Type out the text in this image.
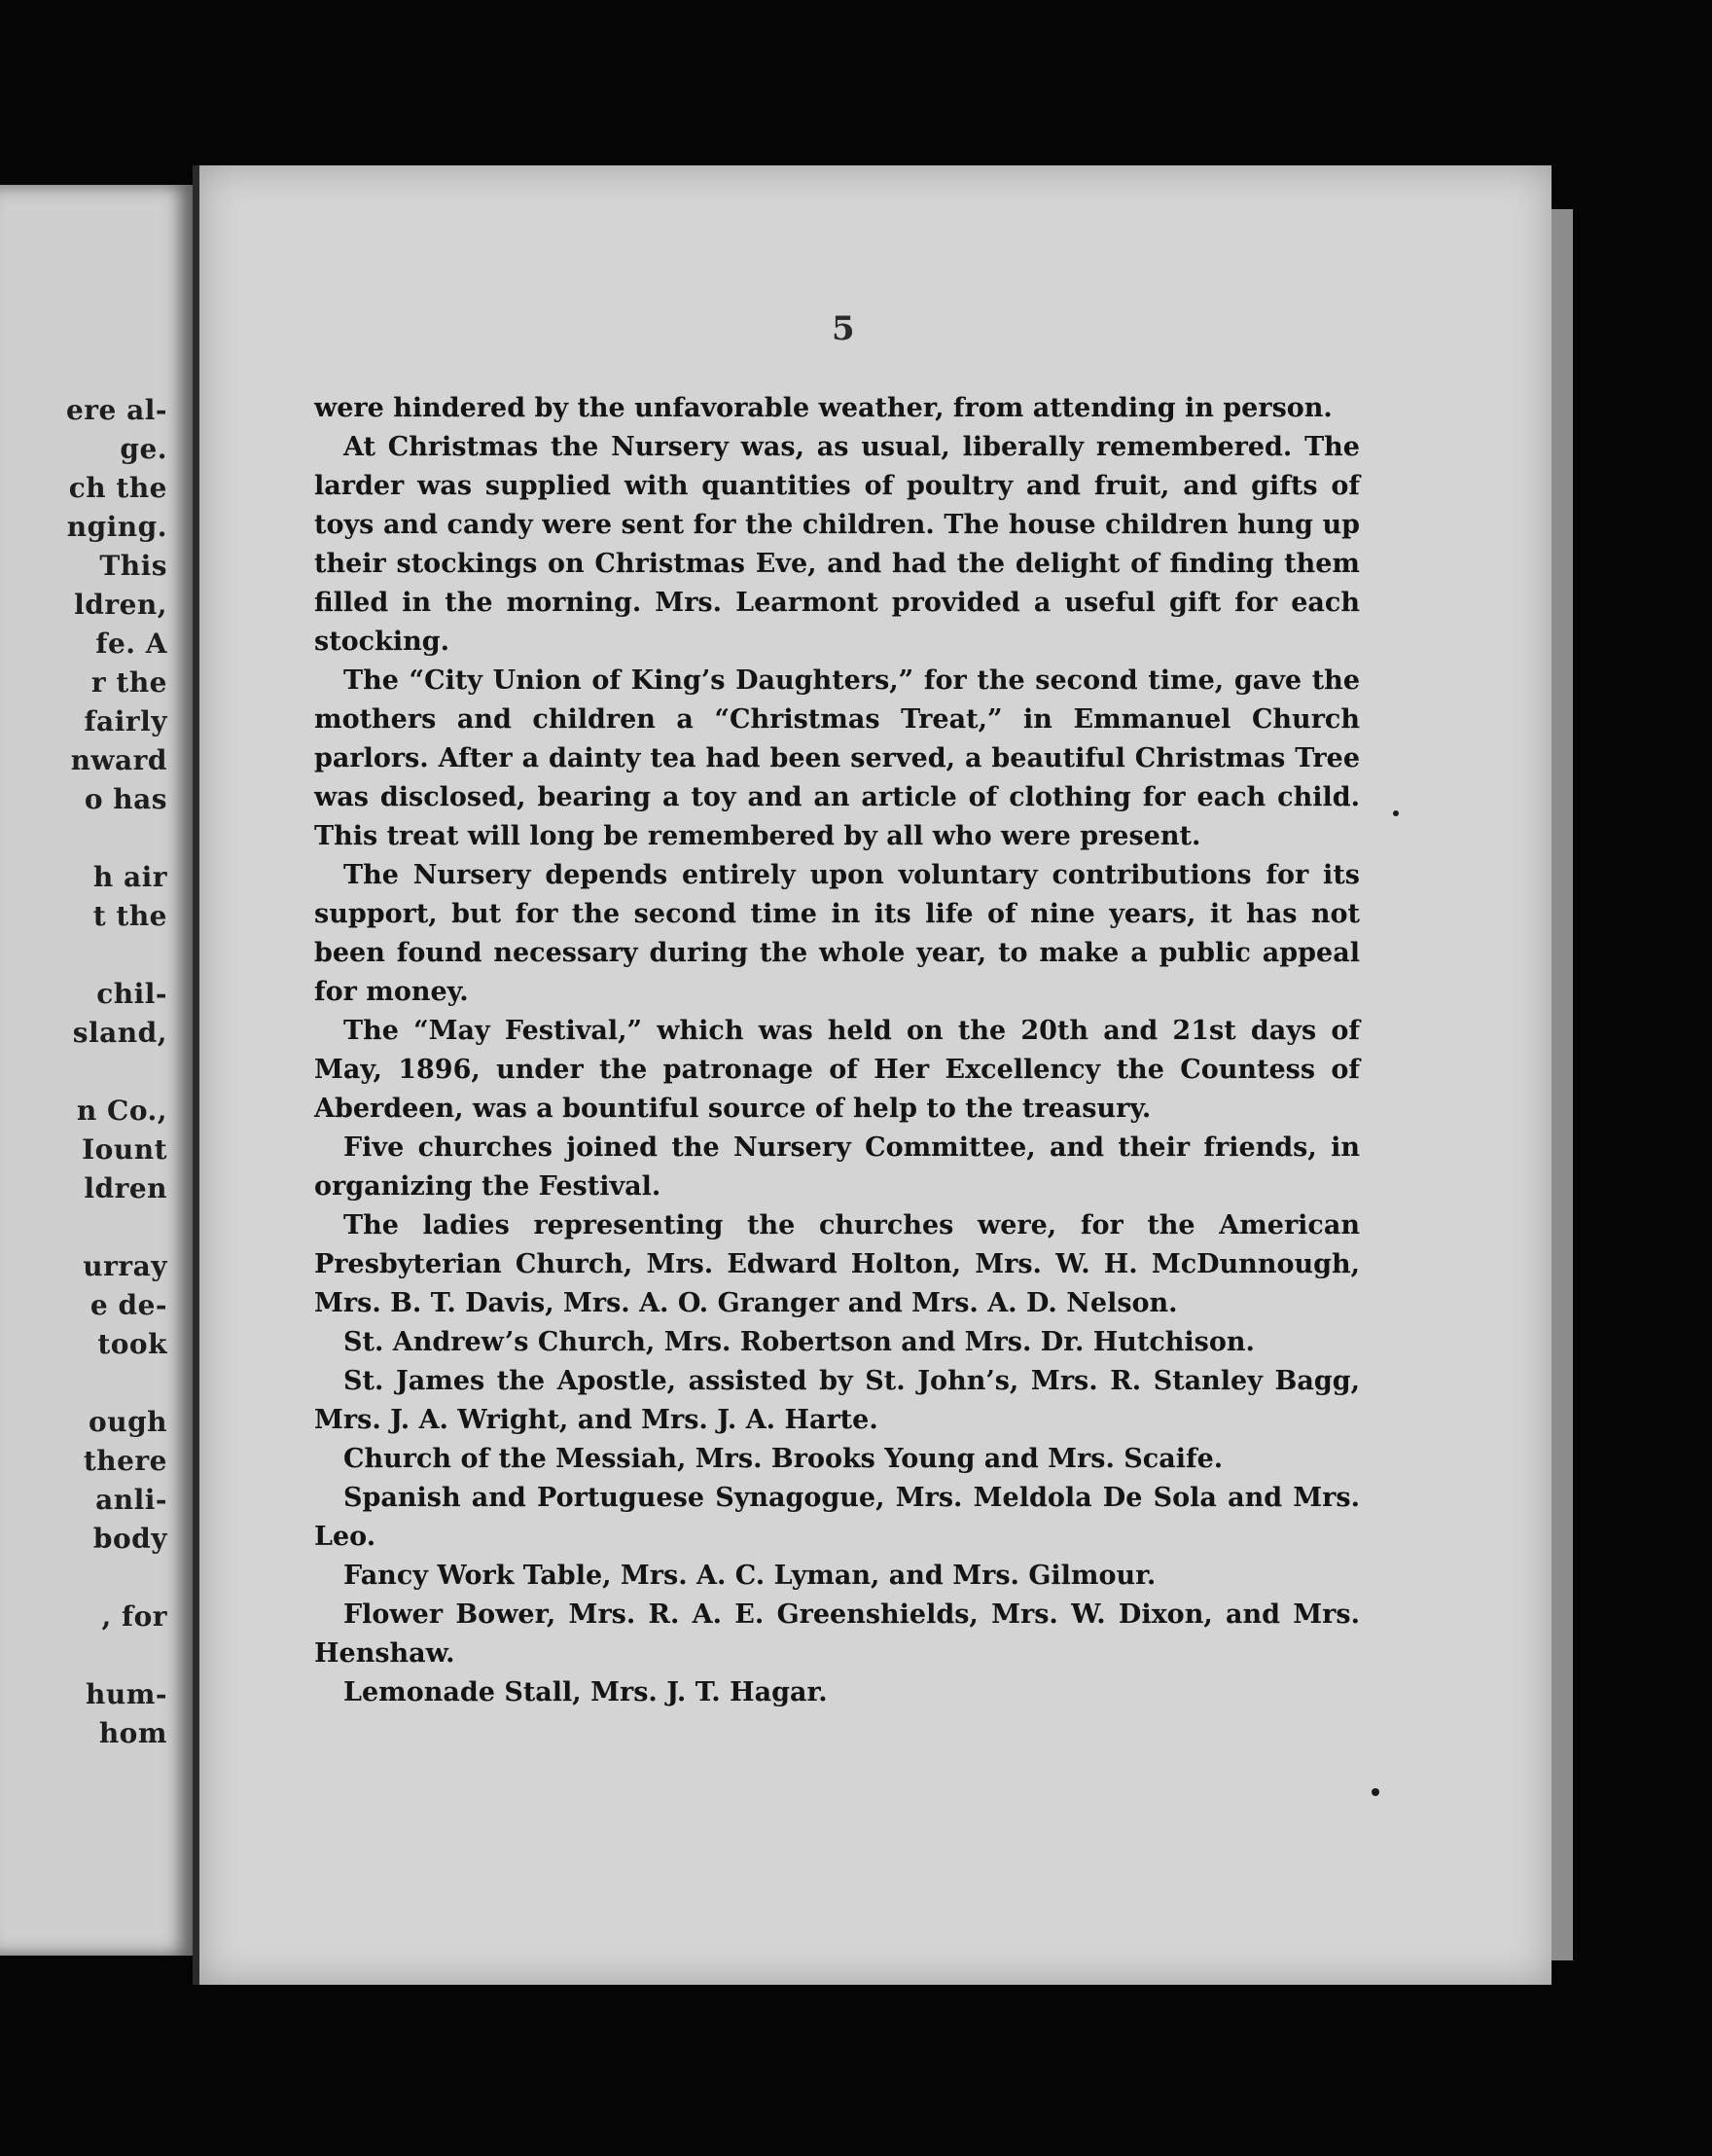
ere al-
ge.
ch the
nging.
This
ldren,
fe. A
r the
fairly
nward
o has
h air
t the
chil-
sland,
n Co.,
Iount
ldren
urray
e de-
took
ough
there
anli-
body
, for
hum-
hom
5

were hindered by the unfavorable weather, from attending in person.

At Christmas the Nursery was, as usual, liberally remembered. The larder was supplied with quantities of poultry and fruit, and gifts of toys and candy were sent for the children. The house children hung up their stockings on Christmas Eve, and had the delight of finding them filled in the morning. Mrs. Learmont provided a useful gift for each stocking.

The “City Union of King’s Daughters,” for the second time, gave the mothers and children a “Christmas Treat,” in Emmanuel Church parlors. After a dainty tea had been served, a beautiful Christmas Tree was disclosed, bearing a toy and an article of clothing for each child. This treat will long be remembered by all who were present.

The Nursery depends entirely upon voluntary contributions for its support, but for the second time in its life of nine years, it has not been found necessary during the whole year, to make a public appeal for money.

The “May Festival,” which was held on the 20th and 21st days of May, 1896, under the patronage of Her Excellency the Countess of Aberdeen, was a bountiful source of help to the treasury.

Five churches joined the Nursery Committee, and their friends, in organizing the Festival.

The ladies representing the churches were, for the American Presbyterian Church, Mrs. Edward Holton, Mrs. W. H. McDunnough, Mrs. B. T. Davis, Mrs. A. O. Granger and Mrs. A. D. Nelson.

St. Andrew’s Church, Mrs. Robertson and Mrs. Dr. Hutchison.

St. James the Apostle, assisted by St. John’s, Mrs. R. Stanley Bagg, Mrs. J. A. Wright, and Mrs. J. A. Harte.

Church of the Messiah, Mrs. Brooks Young and Mrs. Scaife.

Spanish and Portuguese Synagogue, Mrs. Meldola De Sola and Mrs. Leo.

Fancy Work Table, Mrs. A. C. Lyman, and Mrs. Gilmour.

Flower Bower, Mrs. R. A. E. Greenshields, Mrs. W. Dixon, and Mrs. Henshaw.

Lemonade Stall, Mrs. J. T. Hagar.
